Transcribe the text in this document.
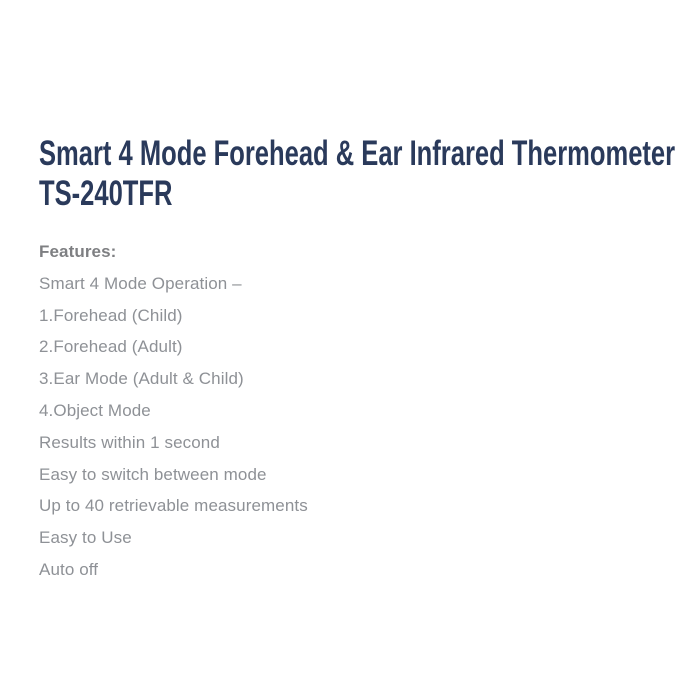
Smart 4 Mode Forehead & Ear Infrared Thermometer
TS-240TFR
Features:
Smart 4 Mode Operation –
1.Forehead (Child)
2.Forehead (Adult)
3.Ear Mode (Adult & Child)
4.Object Mode
Results within 1 second
Easy to switch between mode
Up to 40 retrievable measurements
Easy to Use
Auto off
